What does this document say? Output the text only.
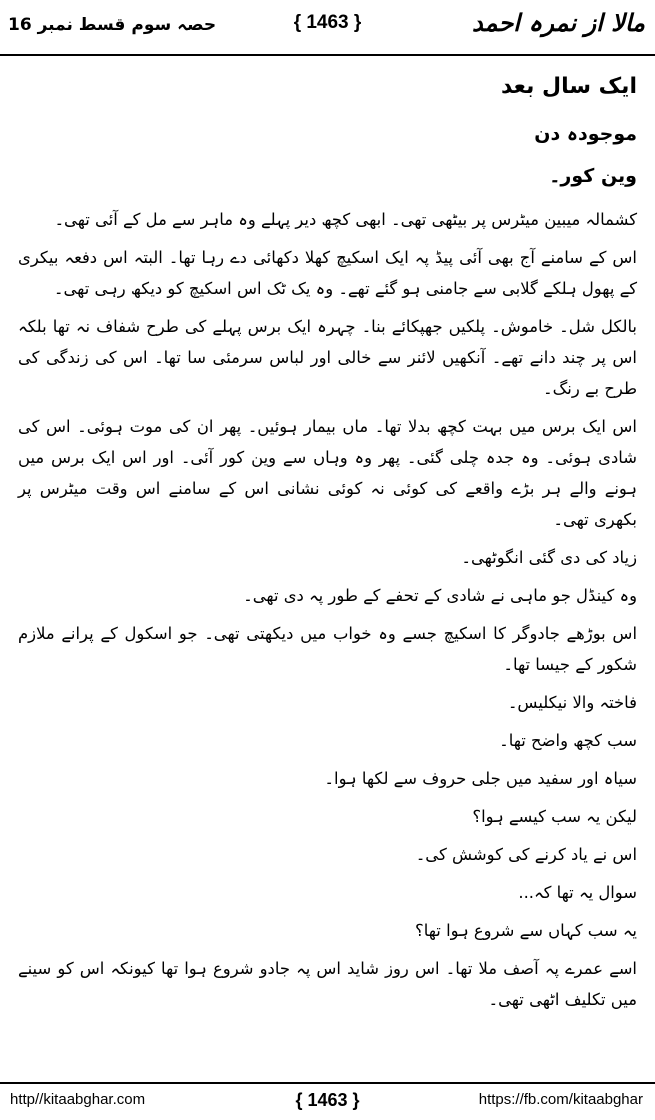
حصہ سوم قسط نمبر 16	{ 1463 }	مالا از نمرہ احمد
ایک سال بعد
موجودہ دن
وین کور۔

کشمالہ میبین میٹرس پر بیٹھی تھی۔ ابھی کچھ دیر پہلے وہ ماہر سے مل کے آئی تھی۔

اس کے سامنے آج بھی آئی پیڈ پہ ایک اسکیچ کھلا دکھائی دے رہا تھا۔ البتہ اس دفعہ بیکری کے پھول ہلکے گلابی سے جامنی ہو گئے تھے۔ وہ یک ٹک اس اسکیچ کو دیکھ رہی تھی۔

بالکل شل۔ خاموش۔ پلکیں جھپکائے بنا۔ چہرہ ایک برس پہلے کی طرح شفاف نہ تھا بلکہ اس پر چند دانے تھے۔ آنکھیں لائنر سے خالی اور لباس سرمئی سا تھا۔ اس کی زندگی کی طرح بے رنگ۔

اس ایک برس میں بہت کچھ بدلا تھا۔ ماں بیمار ہوئیں۔ پھر ان کی موت ہوئی۔ اس کی شادی ہوئی۔ وہ جدہ چلی گئی۔ پھر وہ وہاں سے وین کور آئی۔ اور اس ایک برس میں ہونے والے ہر بڑے واقعے کی کوئی نہ کوئی نشانی اس کے سامنے اس وقت میٹرس پر بکھری تھی۔

زیاد کی دی گئی انگوٹھی۔

وہ کینڈل جو ماہی نے شادی کے تحفے کے طور پہ دی تھی۔

اس بوڑھے جادوگر کا اسکیچ جسے وہ خواب میں دیکھتی تھی۔ جو اسکول کے پرانے ملازم شکور کے جیسا تھا۔

فاختہ والا نیکلیس۔

سب کچھ واضح تھا۔

سیاہ اور سفید میں جلی حروف سے لکھا ہوا۔

لیکن یہ سب کیسے ہوا؟

اس نے یاد کرنے کی کوشش کی۔

سوال یہ تھا کہ...

یہ سب کہاں سے شروع ہوا تھا؟

اسے عمرے پہ آصف ملا تھا۔ اس روز شاید اس پہ جادو شروع ہوا تھا کیونکہ اس کو سینے میں تکلیف اٹھی تھی۔

http//kitaabghar.com	{ 1463 }	https://fb.com/kitaabghar
